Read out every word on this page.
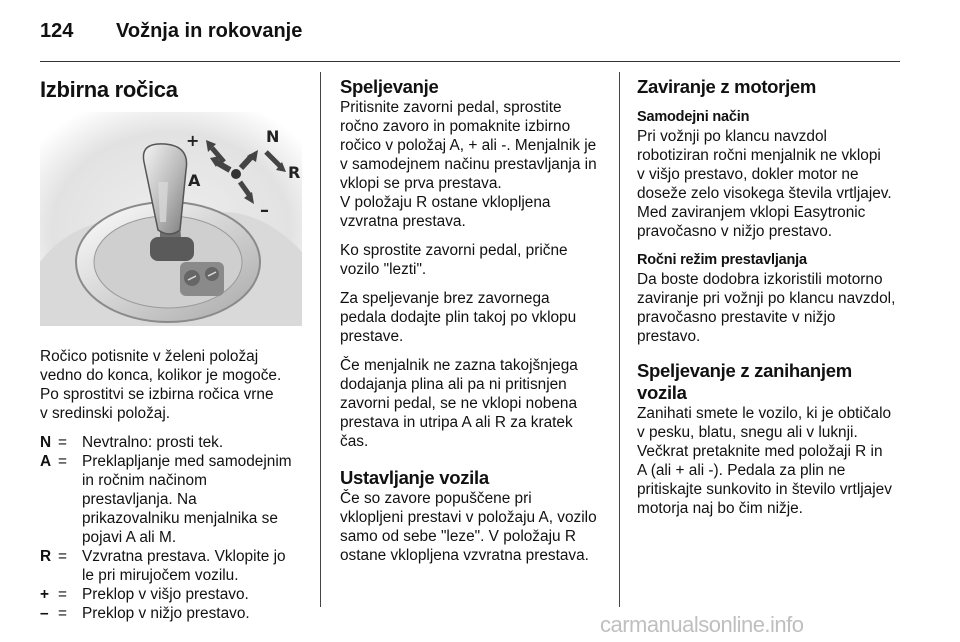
124 Vožnja in rokovanje
Izbirna ročica
+	N
R
A
–

Ročico potisnite v želeni položaj
vedno do konca, kolikor je mogoče.
Po sprostitvi se izbirna ročica vrne
v sredinski položaj.

N = Nevtralno: prosti tek.
A = Preklapljanje med samodejnim
in ročnim načinom
prestavljanja. Na
prikazovalniku menjalnika se
pojavi A ali M.
R = Vzvratna prestava. Vklopite jo
le pri mirujočem vozilu.
+ = Preklop v višjo prestavo.
– = Preklop v nižjo prestavo.
Speljevanje

Pritisnite zavorni pedal, sprostite
ročno zavoro in pomaknite izbirno
ročico v položaj A, + ali -. Menjalnik je
v samodejnem načinu prestavljanja in
vklopi se prva prestava.
V položaju R ostane vklopljena
vzvratna prestava.

Ko sprostite zavorni pedal, prične
vozilo "lezti".

Za speljevanje brez zavornega
pedala dodajte plin takoj po vklopu
prestave.

Če menjalnik ne zazna takojšnjega
dodajanja plina ali pa ni pritisnjen
zavorni pedal, se ne vklopi nobena
prestava in utripa A ali R za kratek
čas.

Ustavljanje vozila

Če so zavore popuščene pri
vklopljeni prestavi v položaju A, vozilo
samo od sebe "leze". V položaju R
ostane vklopljena vzvratna prestava.

Zaviranje z motorjem
Samodejni način

Pri vožnji po klancu navzdol
robotiziran ročni menjalnik ne vklopi
v višjo prestavo, dokler motor ne
doseže zelo visokega števila vrtljajev.
Med zaviranjem vklopi Easytronic
pravočasno v nižjo prestavo.

Ročni režim prestavljanja

Da boste dodobra izkoristili motorno
zaviranje pri vožnji po klancu navzdol,
pravočasno prestavite v nižjo
prestavo.

Speljevanje z zanihanjem vozila

Zanihati smete le vozilo, ki je obtičalo
v pesku, blatu, snegu ali v luknji.
Večkrat pretaknite med položaji R in
A (ali + ali -). Pedala za plin ne
pritiskajte sunkovito in število vrtljajev
motorja naj bo čim nižje.

carmanualsonline.info
